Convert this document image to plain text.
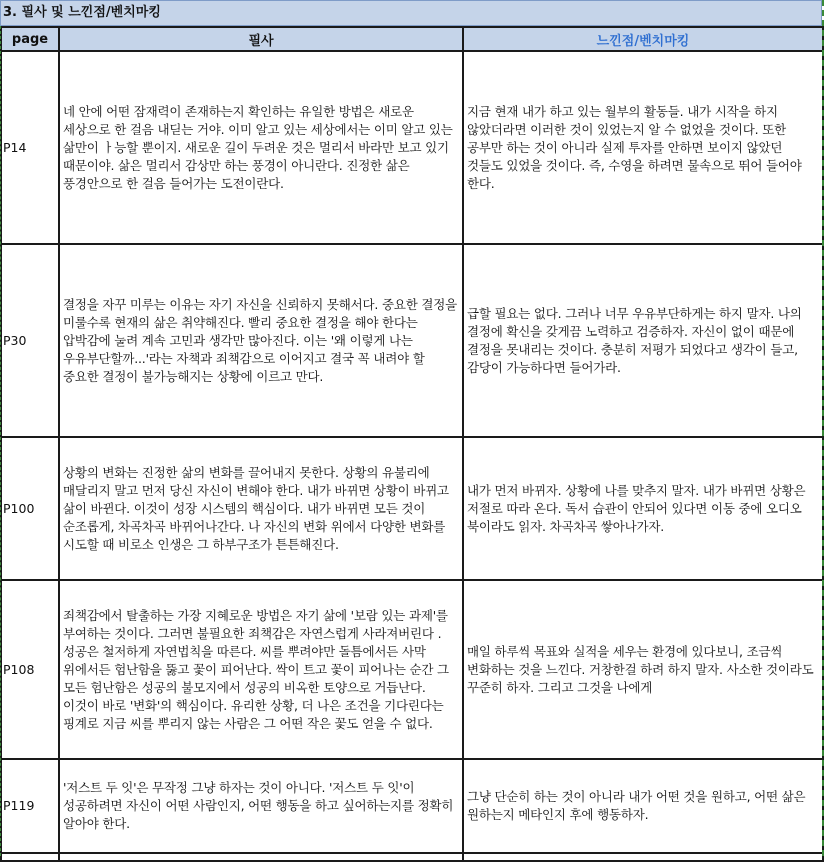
3. 필사 및 느낀점/벤치마킹
page	필사	느낀점/벤치마킹
P14	네 안에 어떤 잠재력이 존재하는지 확인하는 유일한 방법은 새로운 세상으로 한 걸음 내딛는 거야. 이미 알고 있는 세상에서는 이미 알고 있는 삶만이 ㅏ능할 뿐이지. 새로운 길이 두려운 것은 멀리서 바라만 보고 있기 때문이야. 삶은 멀리서 감상만 하는 풍경이 아니란다. 진정한 삶은 풍경안으로 한 걸음 들어가는 도전이란다.	지금 현재 내가 하고 있는 월부의 활동들. 내가 시작을 하지 않았더라면 이러한 것이 있었는지 알 수 없었을 것이다. 또한 공부만 하는 것이 아니라 실제 투자를 안하면 보이지 않았던 것들도 있었을 것이다. 즉, 수영을 하려면 물속으로 뛰어 들어야 한다.
P30	결정을 자꾸 미루는 이유는 자기 자신을 신뢰하지 못해서다. 중요한 결정을 미룰수록 현재의 삶은 취약해진다. 빨리 중요한 결정을 해야 한다는 압박감에 눌려 계속 고민과 생각만 많아진다. 이는 '왜 이렇게 나는 우유부단할까...'라는 자책과 죄책감으로 이어지고 결국 꼭 내려야 할 중요한 결정이 불가능해지는 상황에 이르고 만다.	급할 필요는 없다. 그러나 너무 우유부단하게는 하지 말자. 나의 결정에 확신을 갖게끔 노력하고 검증하자. 자신이 없이 때문에 결정을 못내리는 것이다. 충분히 저평가 되었다고 생각이 들고, 감당이 가능하다면 들어가라.
P100	상황의 변화는 진정한 삶의 변화를 끌어내지 못한다. 상황의 유불리에 매달리지 말고 먼저 당신 자신이 변해야 한다. 내가 바뀌면 상황이 바뀌고 삶이 바뀐다. 이것이 성장 시스템의 핵심이다. 내가 바뀌면 모든 것이 순조롭게, 차곡차곡 바뀌어나간다. 나 자신의 변화 위에서 다양한 변화를 시도할 때 비로소 인생은 그 하부구조가 튼튼해진다.	내가 먼저 바뀌자. 상황에 나를 맞추지 말자. 내가 바뀌면 상황은 저절로 따라 온다. 독서 습관이 안되어 있다면 이동 중에 오디오 북이라도 읽자. 차곡차곡 쌓아나가자.
P108	죄책감에서 탈출하는 가장 지혜로운 방법은 자기 삶에 '보람 있는 과제'를 부여하는 것이다. 그러면 불필요한 죄책감은 자연스럽게 사라져버린다 . 성공은 철저하게 자연법칙을 따른다. 씨를 뿌려야만 돌틈에서든 사막 위에서든 험난함을 뚫고 꽃이 피어난다. 싹이 트고 꽃이 피어나는 순간 그 모든 험난함은 성공의 불모지에서 성공의 비옥한 토양으로 거듭난다. 이것이 바로 '변화'의 핵심이다. 유리한 상황, 더 나은 조건을 기다린다는 핑계로 지금 씨를 뿌리지 않는 사람은 그 어떤 작은 꽃도 얻을 수 없다.	매일 하루씩 목표와 실적을 세우는 환경에 있다보니, 조금씩 변화하는 것을 느낀다. 거창한걸 하려 하지 말자. 사소한 것이라도 꾸준히 하자. 그리고 그것을 나에게
P119	'저스트 두 잇'은 무작정 그냥 하자는 것이 아니다. '저스트 두 잇'이 성공하려면 자신이 어떤 사람인지, 어떤 행동을 하고 싶어하는지를 정확히 알아야 한다.	그냥 단순히 하는 것이 아니라 내가 어떤 것을 원하고, 어떤 삶은 원하는지 메타인지 후에 행동하자.
